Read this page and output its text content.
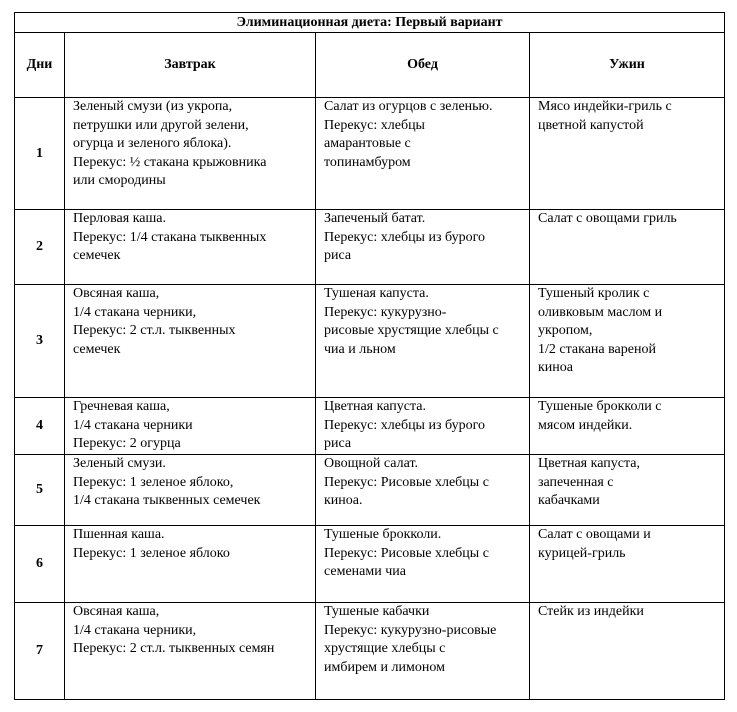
Элиминационная диета: Первый вариант			
Дни	Завтрак	Обед	Ужин
1	Зеленый смузи (из укропа,
петрушки или другой зелени,
огурца и зеленого яблока).
Перекус: ½ стакана крыжовника
или смородины	Салат из огурцов с зеленью.
Перекус: хлебцы
амарантовые с
топинамбуром	Мясо индейки-гриль с
цветной капустой
2	Перловая каша.
Перекус: 1/4 стакана тыквенных
семечек	Запеченый батат.
Перекус: хлебцы из бурого
риса	Салат с овощами гриль
3	Овсяная каша,
1/4 стакана черники,
Перекус: 2 ст.л. тыквенных
семечек	Тушеная капуста.
Перекус: кукурузно-
рисовые хрустящие хлебцы с
чиа и льном	Тушеный кролик с
оливковым маслом и
укропом,
1/2 стакана вареной
киноа
4	Гречневая каша,
1/4 стакана черники
Перекус: 2 огурца	Цветная капуста.
Перекус: хлебцы из бурого
риса	Тушеные брокколи с
мясом индейки.
5	Зеленый смузи.
Перекус: 1 зеленое яблоко,
1/4 стакана тыквенных семечек	Овощной салат.
Перекус: Рисовые хлебцы с
киноа.	Цветная капуста,
запеченная с
кабачками
6	Пшенная каша.
Перекус: 1 зеленое яблоко	Тушеные брокколи.
Перекус: Рисовые хлебцы с
семенами чиа	Салат с овощами и
курицей-гриль
7	Овсяная каша,
1/4 стакана черники,
Перекус: 2 ст.л. тыквенных семян	Тушеные кабачки
Перекус: кукурузно-рисовые
хрустящие хлебцы с
имбирем и лимоном	Стейк из индейки
